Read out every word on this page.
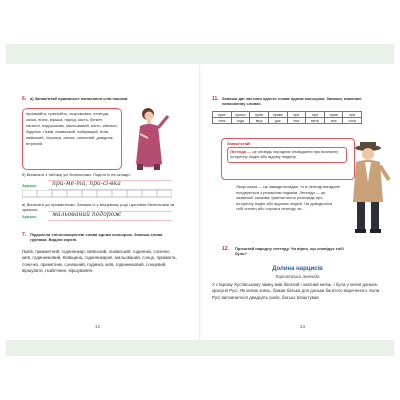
6. а) Запам'ятай правильне написання слів іншими.
принмайта, присісйїть, скоромовки, легенда, казка, пісня, віршка, народ, кисть, бенкет, каталог, подорожник, мальований, місто, кімнати, будинок, Львів, львівський, найкращий, Київ, київський, Черкаси, свічка, сонячний, довідник, вітряний.
б) Виписати з таблиці усі бичельники. Поділи їх на склади.
Зразок:	при-ме-та, при-сі-вка
в) Виписати усі прикметники. Запиши їх у місцевому роді і доповни бичельники за зразком.
Зразок:	мальований подорож
7. Підкресли спільнокореневі слова одним кольором. Запиши слова групами. Виділи корені.
Львів, прикметний, годинникар, київський, львівський, годинник, сонечко, київ, годинниковий, Київщина, годинникарня, мальований, сонце, прикмета, сонечко, приметник, соняшний, годинка, київ, годинниковий, сонцевий, віршувати, львів'янин, віршування.
12
11. Запиши дві частини одного слова одним кольором. Запиши, виконані написанняу словах.
прис	примо	прив	прива	при	при	прив	при
тинк	года	івця	дак	ека	мета	яна	сока
Запам'ятай!
Легенда — це оповідь народних оповідання про визначну історичну подію або відому людину.
Якщо казка — це завжди вигадка, то в легенді вигадане поєднується з реальним подіями. Легенди — це, зазвичай, казкова, фантастична розповідь про історичну подію або відомих людей. Чи доводилося тобі читати або слухати легенду чи...
12. Прочитай народну легенду. Чи вірно, що сповідує тобі було?
Долина нарцисів
Карпатська легенда
У старому Хустівському замку жив багатий і знатний князь. І була у князя донька-красуня Русі. Як князю князь, бажав батька для доньки багатого нареченого. Коли Русі виповнилося двадцять років, батько влаштував
13
